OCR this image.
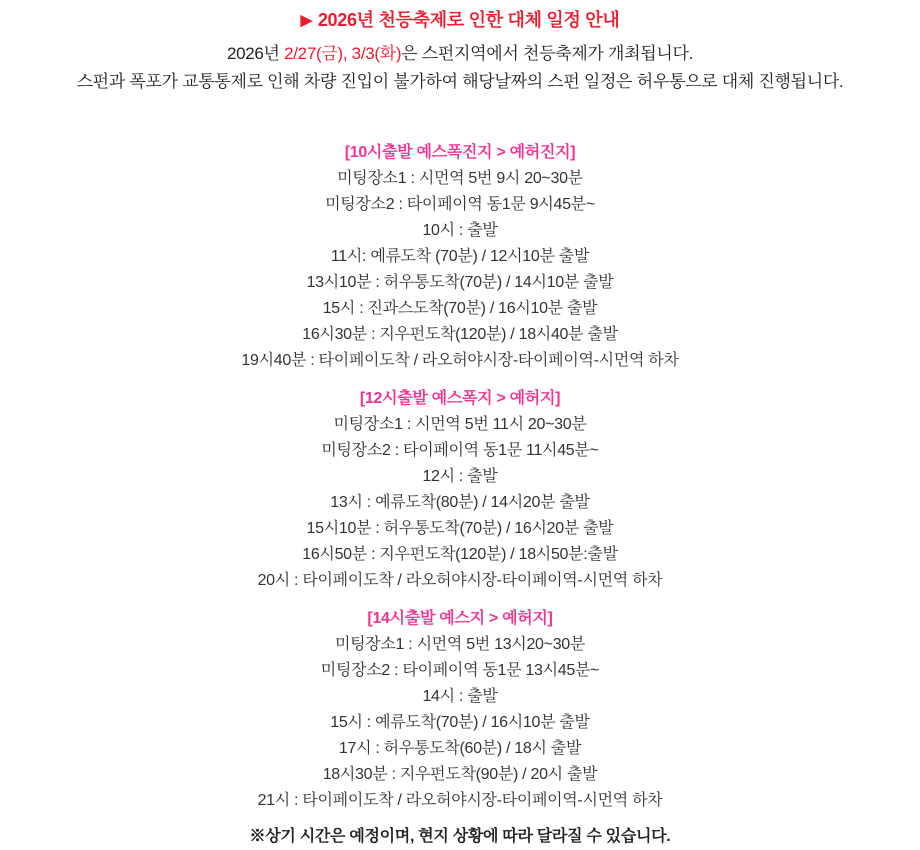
▶ 2026년 천등축제로 인한 대체 일정 안내
2026년 2/27(금), 3/3(화)은 스펀지역에서 천등축제가 개최됩니다.
스펀과 폭포가 교통통제로 인해 차량 진입이 불가하여 해당날짜의 스펀 일정은 허우통으로 대체 진행됩니다.
[10시출발 예스폭진지 > 예허진지]
미팅장소1 : 시먼역 5번 9시 20~30분
미팅장소2 : 타이페이역 동1문 9시45분~
10시 : 출발
11시: 예류도착 (70분) / 12시10분 출발
13시10분 : 허우통도착(70분) / 14시10분 출발
15시 : 진과스도착(70분) / 16시10분 출발
16시30분 : 지우펀도착(120분) / 18시40분 출발
19시40분 : 타이페이도착 / 라오허야시장-타이페이역-시먼역 하차
[12시출발 예스폭지 > 예허지]
미팅장소1 : 시먼역 5번 11시 20~30분
미팅장소2 : 타이페이역 동1문 11시45분~
12시 : 출발
13시 : 예류도착(80분) / 14시20분 출발
15시10분 : 허우통도착(70분) / 16시20분 출발
16시50분 : 지우펀도착(120분) / 18시50분:출발
20시 : 타이페이도착 / 라오허야시장-타이페이역-시먼역 하차
[14시출발 예스지 > 예허지]
미팅장소1 : 시먼역 5번 13시20~30분
미팅장소2 : 타이페이역 동1문 13시45분~
14시 : 출발
15시 : 예류도착(70분) / 16시10분 출발
17시 : 허우통도착(60분) / 18시 출발
18시30분 : 지우펀도착(90분) / 20시 출발
21시 : 타이페이도착 / 라오허야시장-타이페이역-시먼역 하차
※상기 시간은 예정이며, 현지 상황에 따라 달라질 수 있습니다.
